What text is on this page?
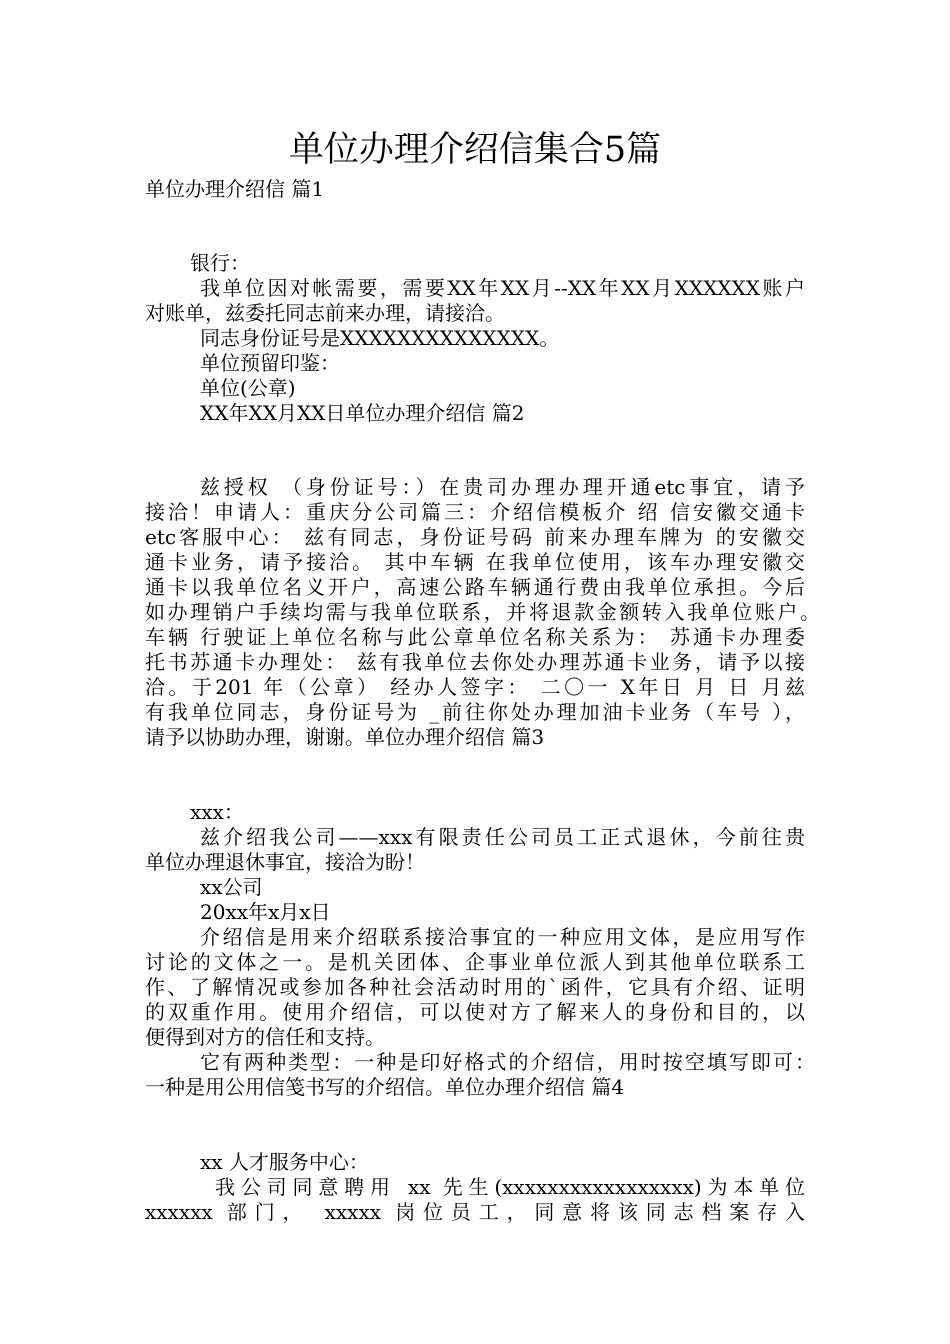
单位办理介绍信集合5篇
单位办理介绍信 篇1
银行：
我单位因对帐需要，需要XX年XX月--XX年XX月XXXXXX账户
对账单，兹委托同志前来办理，请接洽。
同志身份证号是XXXXXXXXXXXXXX。
单位预留印鉴：
单位(公章)
XX年XX月XX日单位办理介绍信 篇2
兹授权 （身份证号：）在贵司办理办理开通etc事宜，请予
接洽！申请人：重庆分公司篇三：介绍信模板介 绍 信安徽交通卡
etc客服中心： 兹有同志，身份证号码 前来办理车牌为 的安徽交
通卡业务，请予接洽。 其中车辆 在我单位使用，该车办理安徽交
通卡以我单位名义开户，高速公路车辆通行费由我单位承担。今后
如办理销户手续均需与我单位联系，并将退款金额转入我单位账户。
车辆 行驶证上单位名称与此公章单位名称关系为： 苏通卡办理委
托书苏通卡办理处： 兹有我单位去你处办理苏通卡业务，请予以接
洽。于201 年（公章） 经办人签字： 二〇一 X年日 月 日 月兹
有我单位同志，身份证号为 _前往你处办理加油卡业务（车号 ），
请予以协助办理，谢谢。单位办理介绍信 篇3
xxx：
兹介绍我公司——xxx有限责任公司员工正式退休，今前往贵
单位办理退休事宜，接洽为盼！
xx公司
20xx年x月x日
介绍信是用来介绍联系接洽事宜的一种应用文体，是应用写作
讨论的文体之一。是机关团体、企事业单位派人到其他单位联系工
作、了解情况或参加各种社会活动时用的`函件，它具有介绍、证明
的双重作用。使用介绍信，可以使对方了解来人的身份和目的，以
便得到对方的信任和支持。
它有两种类型：一种是印好格式的介绍信，用时按空填写即可：
一种是用公用信笺书写的介绍信。单位办理介绍信 篇4
xx 人才服务中心：
我公司同意聘用 xx 先生(xxxxxxxxxxxxxxxxx)为本单位
xxxxxx 部门， xxxxx 岗位员工，同意将该同志档案存入
